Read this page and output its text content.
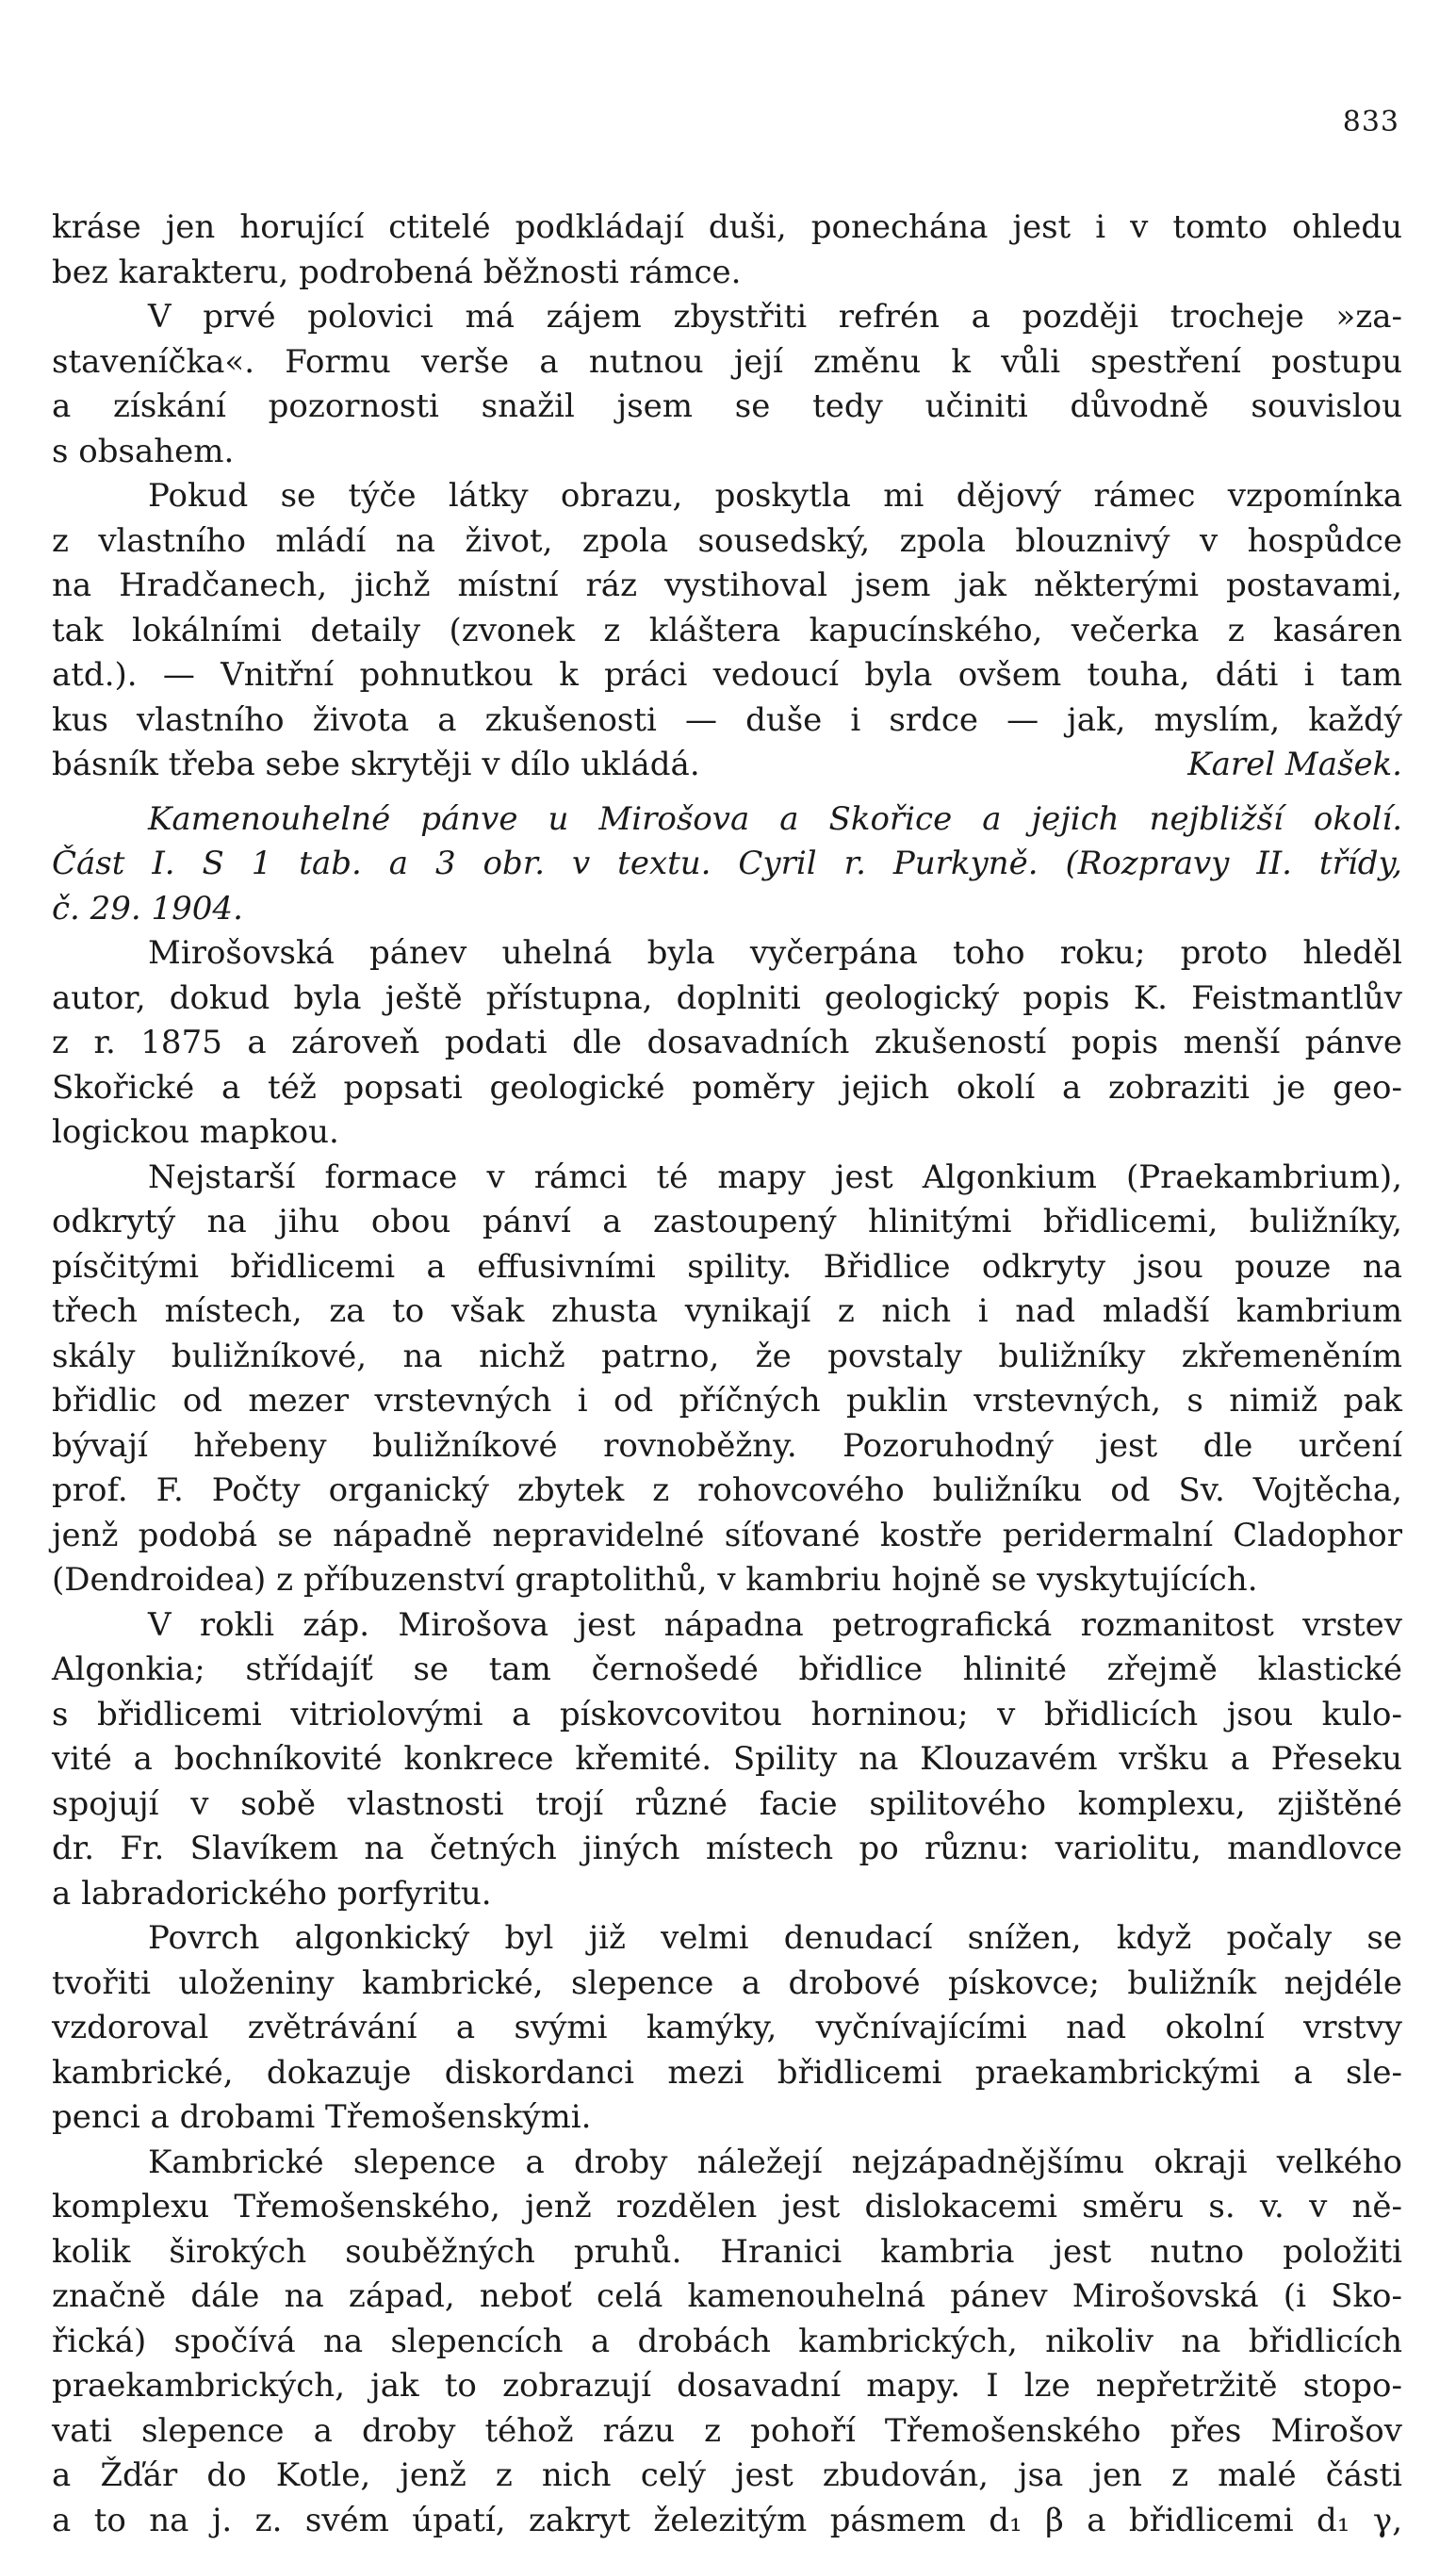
833
krásе jen horující ctitelé podkládají duši, ponechána jest i v tomto ohledu
bez karakteru, podrobená běžnosti rámce.
V prvé polovici má zájem zbystřiti refrén a později trocheje »za-
staveníčka«. Formu verše a nutnou její změnu k vůli spestření postupu
a získání pozornosti snažil jsem se tedy učiniti důvodně souvislou
s obsahem.
Pokud se týče látky obrazu, poskytla mi dějový rámec vzpomínka
z vlastního mládí na život, zpola sousedský, zpola blouznivý v hospůdce
na Hradčanech, jichž místní ráz vystihoval jsem jak některými postavami,
tak lokálními detaily (zvonek z kláštera kapucínského, večerka z kasáren
atd.). — Vnitřní pohnutkou k práci vedoucí byla ovšem touha, dáti i tam
kus vlastního života a zkušenosti — duše i srdce — jak, myslím, každý
básník třeba sebe skrytěji v dílo ukládá.	Karel Mašek.
Kamenouhelné pánve u Mirošova a Skořice a jejich nejbližší okolí.
Část I. S 1 tab. a 3 obr. v textu. Cyril r. Purkyně. (Rozpravy II. třídy,
č. 29. 1904.
Mirošovská pánev uhelná byla vyčerpána toho roku; proto hleděl
autor, dokud byla ještě přístupna, doplniti geologický popis K. Feistmantlův
z r. 1875 a zároveň podati dle dosavadních zkušeností popis menší pánve
Skořické a též popsati geologické poměry jejich okolí a zobraziti je geo-
logickou mapkou.
Nejstarší formace v rámci té mapy jest Algonkium (Praekambrium),
odkrytý na jihu obou pánví a zastoupený hlinitými břidlicemi, buližníky,
písčitými břidlicemi a effusivními spility. Břidlice odkryty jsou pouze na
třech místech, za to však zhusta vynikají z nich i nad mladší kambrium
skály buližníkové, na nichž patrno, že povstaly buližníky zkřemeněním
břidlic od mezer vrstevných i od příčných puklin vrstevných, s nimiž pak
bývají hřebeny buližníkové rovnoběžny. Pozoruhodný jest dle určení
prof. F. Počty organický zbytek z rohovcového buližníku od Sv. Vojtěcha,
jenž podobá se nápadně nepravidelné síťované kostře peridermalní Cladophor
(Dendroidea) z příbuzenství graptolithů, v kambriu hojně se vyskytujících.
V rokli záp. Mirošova jest nápadna petrografická rozmanitost vrstev
Algonkia; střídajíť se tam černošedé břidlice hlinité zřejmě klastické
s břidlicemi vitriolovými a pískovcovitou horninou; v břidlicích jsou kulo-
vité a bochníkovité konkrece křemité. Spility na Klouzavém vršku a Přeseku
spojují v sobě vlastnosti trojí různé facie spilitového komplexu, zjištěné
dr. Fr. Slavíkem na četných jiných místech po různu: variolitu, mandlovce
a labradorického porfyritu.
Povrch algonkický byl již velmi denudací snížen, když počaly se
tvořiti uloženiny kambrické, slepence a drobové pískovce; buližník nejdéle
vzdoroval zvětrávání a svými kamýky, vyčnívajícími nad okolní vrstvy
kambrické, dokazuje diskordanci mezi břidlicemi praekambrickými a sle-
penci a drobami Třemošenskými.
Kambrické slepence a droby náležejí nejzápadnějšímu okraji velkého
komplexu Třemošenského, jenž rozdělen jest dislokacemi směru s. v. v ně-
kolik širokých souběžných pruhů. Hranici kambria jest nutno položiti
značně dále na západ, neboť celá kamenouhelná pánev Mirošovská (i Sko-
řická) spočívá na slepencích a drobách kambrických, nikoliv na břidlicích
praekambrických, jak to zobrazují dosavadní mapy. I lze nepřetržitě stopo-
vati slepence a droby téhož rázu z pohoří Třemošenského přes Mirošov
a Žďár do Kotle, jenž z nich celý jest zbudován, jsa jen z malé části
a to na j. z. svém úpatí, zakryt železitým pásmem d₁ β a břidlicemi d₁ γ,
